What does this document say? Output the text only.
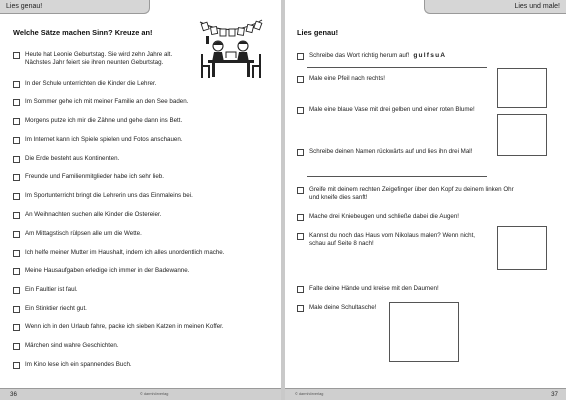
Lies genau!
Welche Sätze machen Sinn? Kreuze an!
Heute hat Leonie Geburtstag. Sie wird zehn Jahre alt.
Nächstes Jahr feiert sie ihren neunten Geburtstag.
In der Schule unterrichten die Kinder die Lehrer.
Im Sommer gehe ich mit meiner Familie an den See baden.
Morgens putze ich mir die Zähne und gehe dann ins Bett.
Im Internet kann ich Spiele spielen und Fotos anschauen.
Die Erde besteht aus Kontinenten.
Freunde und Familienmitglieder habe ich sehr lieb.
Im Sportunterricht bringt die Lehrerin uns das Einmaleins bei.
An Weihnachten suchen alle Kinder die Ostereier.
Am Mittagstisch rülpsen alle um die Wette.
Ich helfe meiner Mutter im Haushalt, indem ich alles unordentlich mache.
Meine Hausaufgaben erledige ich immer in der Badewanne.
Ein Faultier ist faul.
Ein Stinktier riecht gut.
Wenn ich in den Urlaub fahre, packe ich sieben Katzen in meinen Koffer.
Märchen sind wahre Geschichten.
Im Kino lese ich ein spannendes Buch.
36	© darmhörverlag
Lies und male!
Lies genau!
Schreibe das Wort richtig herum auf! gulfsuA
Male eine Pfeil nach rechts!
Male eine blaue Vase mit drei gelben und einer roten Blume!
Schreibe deinen Namen rückwärts auf und lies ihn drei Mal!
Greife mit deinem rechten Zeigefinger über den Kopf zu deinem linken Ohr
und kneife dies sanft!
Mache drei Kniebeugen und schließe dabei die Augen!
Kannst du noch das Haus vom Nikolaus malen? Wenn nicht,
schau auf Seite 8 nach!
Falte deine Hände und kreise mit den Daumen!
Male deine Schultasche!
© darmhörverlag	37
